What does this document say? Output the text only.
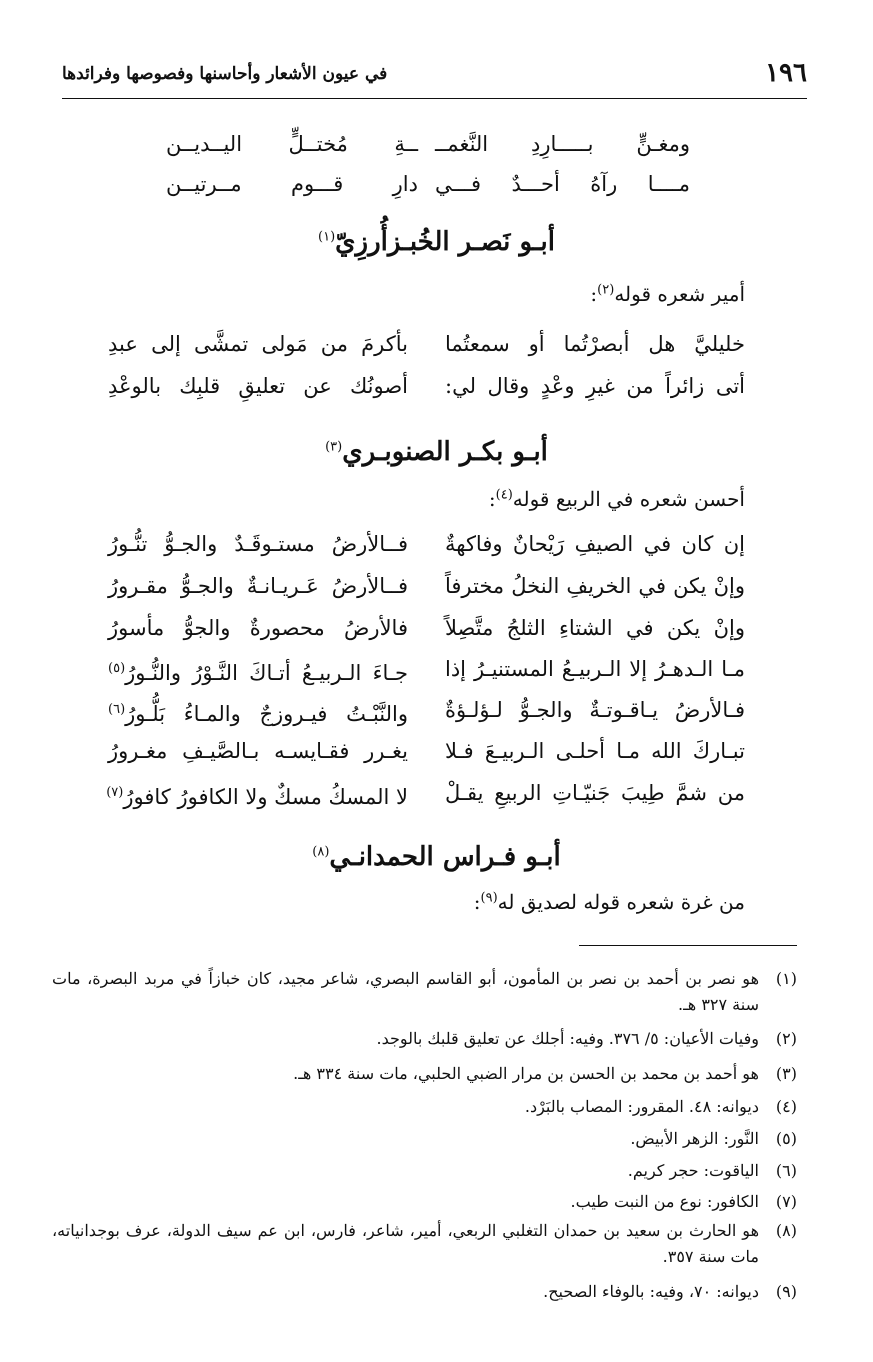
١٩٦
في عيون الأشعار وأحاسنها وفصوصها وفرائدها
ومغـنٍّ بـــــارِدِ النَّغمــ
ــةِ مُختــلٍّ اليــديــن
مــــا رآهُ أحـــدٌ فـــي
دارِ قـــوم مــرتيــن
أبـو نَصـر الخُبـزأُرزِيّ$^{(١)}$
أمير شعره قوله$^{(٢)}$:
خليليَّ هل أبصرْتُما أو سمعتُما
بأكرمَ من مَولى تمشَّى إلى عبدِ
أتى زائراً من غيرِ وعْدٍ وقال لي:
أصونُك عن تعليقِ قلبِك بالوعْدِ
أبـو بكـر الصنوبـري$^{(٣)}$
أحسن شعره في الربيع قوله$^{(٤)}$:
إن كان في الصيفِ رَيْحانٌ وفاكهةٌ
فــالأرضُ مستـوقَـدٌ والجـوُّ تنُّـورُ
وإنْ يكن في الخريفِ النخلُ مخترفاً
فــالأرضُ عَـريـانـةٌ والجـوُّ مقـرورُ
وإنْ يكن في الشتاءِ الثلجُ متَّصِلاً
فالأرضُ محصورةٌ والجوُّ مأسورُ
مـا الـدهـرُ إلا الـربيـعُ المستنيـرُ إذا
جـاءَ الـربيـعُ أتـاكَ النَّـوْرُ والنُّـورُ$^{(٥)}$
فـالأرضُ يـاقـوتـةٌ والجـوُّ لـؤلـؤةٌ
والنَّبْـتُ فيـروزجٌ والمـاءُ بَلُّـورُ$^{(٦)}$
تبـاركَ الله مـا أحلـى الـربيـعَ فـلا
يغـرر فقـايسـه بـالصَّيـفِ مغـرورُ
من شمَّ طِيبَ جَنيّـاتِ الربيعِ يقـلْ
لا المسكُ مسكٌ ولا الكافورُ كافورُ$^{(٧)}$
أبـو فـراس الحمدانـي$^{(٨)}$
من غرة شعره قوله لصديق له$^{(٩)}$:
(١)
هو نصر بن أحمد بن نصر بن المأمون، أبو القاسم البصري، شاعر مجيد، كان خبازاً في مربد البصرة، مات سنة ٣٢٧ هـ.
(٢)
وفيات الأعيان: ٥/ ٣٧٦. وفيه: أجلك عن تعليق قلبك بالوجد.
(٣)
هو أحمد بن محمد بن الحسن بن مرار الضبي الحلبي، مات سنة ٣٣٤ هـ.
(٤)
ديوانه: ٤٨. المقرور: المصاب بالبَرْد.
(٥)
النَّور: الزهر الأبيض.
(٦)
الياقوت: حجر كريم.
(٧)
الكافور: نوع من النبت طيب.
(٨)
هو الحارث بن سعيد بن حمدان التغلبي الربعي، أمير، شاعر، فارس، ابن عم سيف الدولة، عرف بوجدانياته، مات سنة ٣٥٧.
(٩)
ديوانه: ٧٠، وفيه: بالوفاء الصحيح.
